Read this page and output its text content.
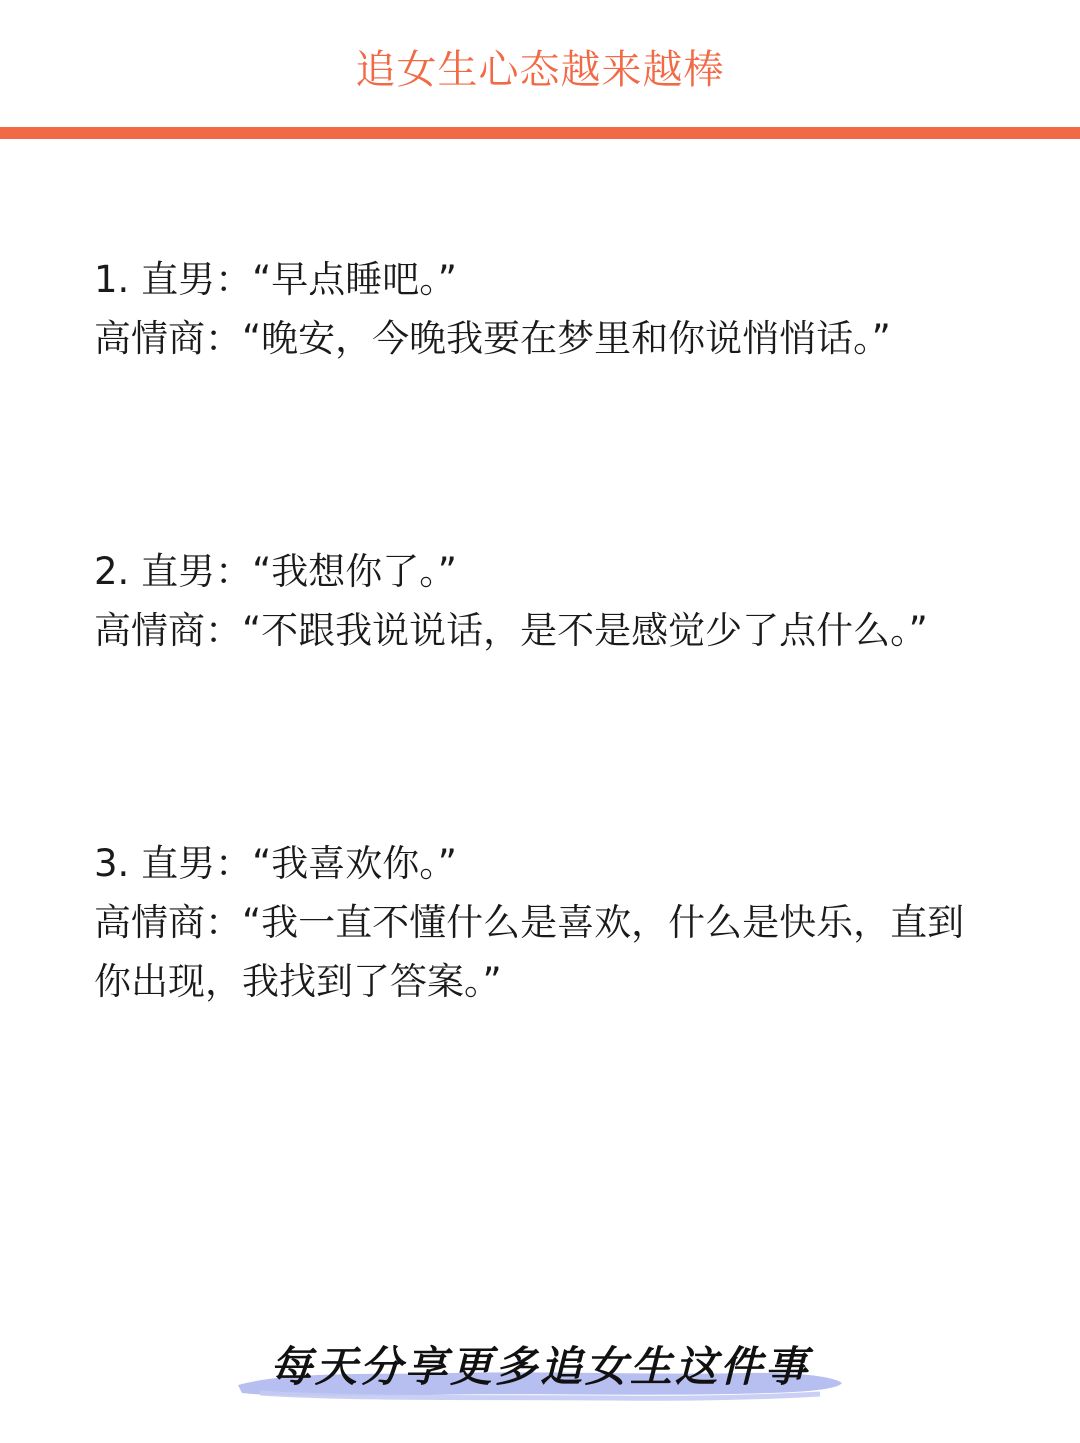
追女生心态越来越棒
1. 直男：“早点睡吧。”
高情商：“晚安，今晚我要在梦里和你说悄悄话。”
2. 直男：“我想你了。”
高情商：“不跟我说说话，是不是感觉少了点什么。”
3. 直男：“我喜欢你。”
高情商：“我一直不懂什么是喜欢，什么是快乐，直到你出现，我找到了答案。”
每天分享更多追女生这件事
